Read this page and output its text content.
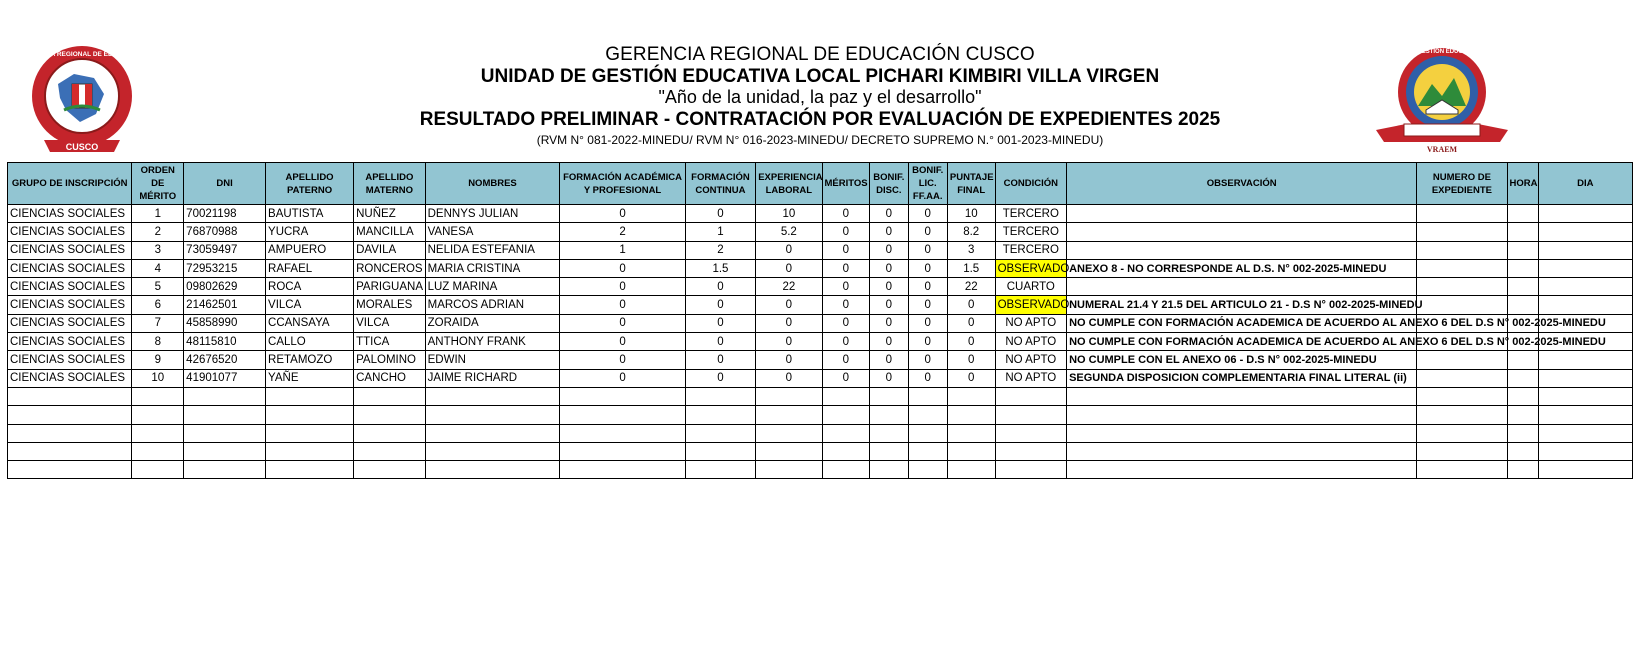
CUSCO
GERENCIA REGIONAL DE EDUCACION
VRAEM
UNIDAD DE GESTION EDUCATIVA LOCAL
GERENCIA REGIONAL DE EDUCACIÓN CUSCO
UNIDAD DE GESTIÓN EDUCATIVA LOCAL PICHARI KIMBIRI VILLA VIRGEN
"Año de la unidad, la paz y el desarrollo"
RESULTADO PRELIMINAR - CONTRATACIÓN POR EVALUACIÓN DE EXPEDIENTES 2025
(RVM N° 081-2022-MINEDU/ RVM N° 016-2023-MINEDU/ DECRETO SUPREMO N.° 001-2023-MINEDU)
GRUPO DE INSCRIPCIÓN	ORDEN DE MÉRITO	DNI	APELLIDO PATERNO	APELLIDO MATERNO	NOMBRES	FORMACIÓN ACADÉMICA Y PROFESIONAL	FORMACIÓN CONTINUA	EXPERIENCIA LABORAL	MÉRITOS	BONIF. DISC.	BONIF. LIC. FF.AA.	PUNTAJE FINAL	CONDICIÓN	OBSERVACIÓN	NUMERO DE EXPEDIENTE	HORA	DIA
CIENCIAS SOCIALES	1	70021198	BAUTISTA	NUÑEZ	DENNYS JULIAN	0	0	10	0	0	0	10	TERCERO				
CIENCIAS SOCIALES	2	76870988	YUCRA	MANCILLA	VANESA	2	1	5.2	0	0	0	8.2	TERCERO				
CIENCIAS SOCIALES	3	73059497	AMPUERO	DAVILA	NELIDA ESTEFANIA	1	2	0	0	0	0	3	TERCERO				
CIENCIAS SOCIALES	4	72953215	RAFAEL	RONCEROS	MARIA CRISTINA	0	1.5	0	0	0	0	1.5	OBSERVADO	ANEXO 8 - NO CORRESPONDE AL D.S. N° 002-2025-MINEDU			
CIENCIAS SOCIALES	5	09802629	ROCA	PARIGUANA	LUZ MARINA	0	0	22	0	0	0	22	CUARTO				
CIENCIAS SOCIALES	6	21462501	VILCA	MORALES	MARCOS ADRIAN	0	0	0	0	0	0	0	OBSERVADO	NUMERAL 21.4 Y 21.5 DEL ARTICULO 21 - D.S N° 002-2025-MINEDU			
CIENCIAS SOCIALES	7	45858990	CCANSAYA	VILCA	ZORAIDA	0	0	0	0	0	0	0	NO APTO	NO CUMPLE CON FORMACIÓN ACADEMICA DE ACUERDO AL ANEXO 6 DEL D.S N° 002-2025-MINEDU			
CIENCIAS SOCIALES	8	48115810	CALLO	TTICA	ANTHONY FRANK	0	0	0	0	0	0	0	NO APTO	NO CUMPLE CON FORMACIÓN ACADEMICA DE ACUERDO AL ANEXO 6 DEL D.S N° 002-2025-MINEDU			
CIENCIAS SOCIALES	9	42676520	RETAMOZO	PALOMINO	EDWIN	0	0	0	0	0	0	0	NO APTO	NO CUMPLE CON EL ANEXO 06 - D.S N° 002-2025-MINEDU			
CIENCIAS SOCIALES	10	41901077	YAÑE	CANCHO	JAIME RICHARD	0	0	0	0	0	0	0	NO APTO	SEGUNDA DISPOSICION COMPLEMENTARIA FINAL LITERAL (ii)			
